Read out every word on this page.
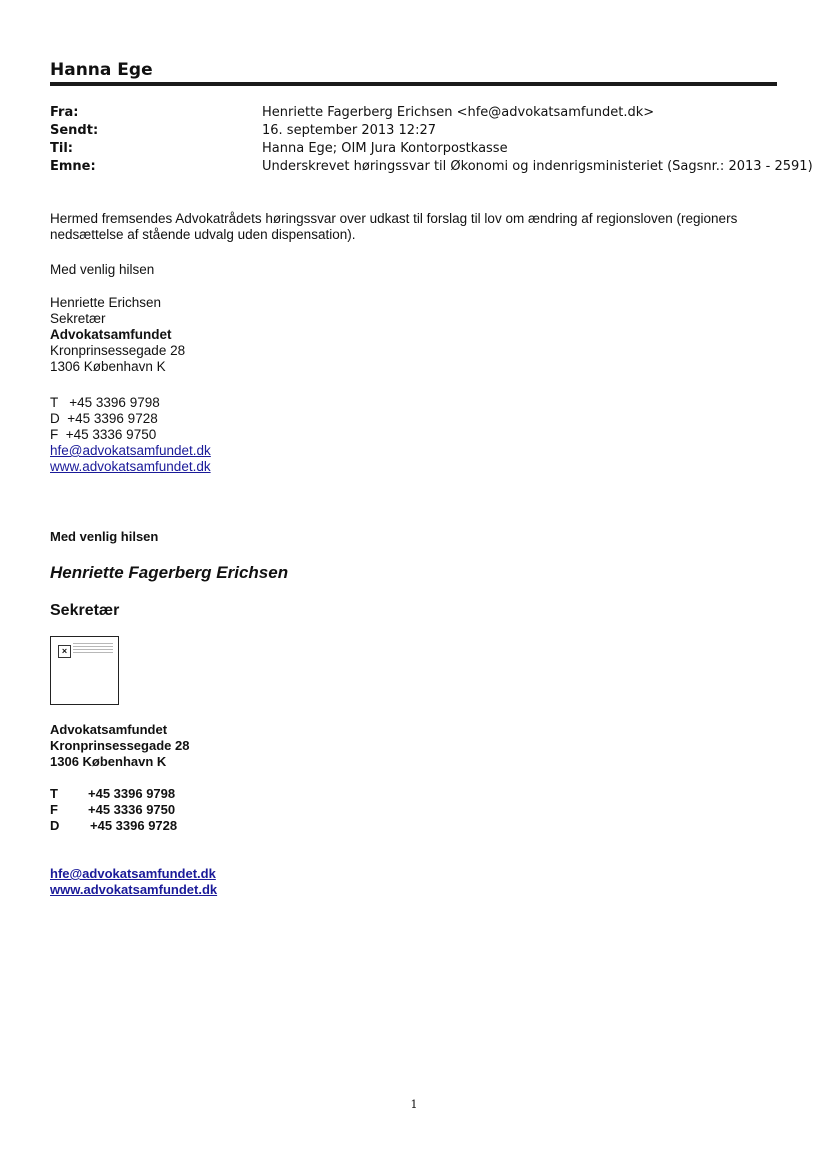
Hanna Ege
Fra:	Henriette Fagerberg Erichsen <hfe@advokatsamfundet.dk>
Sendt:	16. september 2013 12:27
Til:	Hanna Ege; OIM Jura Kontorpostkasse
Emne:	Underskrevet høringssvar til Økonomi og indenrigsministeriet (Sagsnr.: 2013 - 2591)
Hermed fremsendes Advokatrådets høringssvar over udkast til forslag til lov om ændring af regionsloven (regioners
nedsættelse af stående udvalg uden dispensation).
Med venlig hilsen
Henriette Erichsen
Sekretær
Advokatsamfundet
Kronprinsessegade 28
1306 København K
T   +45 3396 9798
D  +45 3396 9728
F  +45 3336 9750
hfe@advokatsamfundet.dk
www.advokatsamfundet.dk
Med venlig hilsen
Henriette Fagerberg Erichsen
Sekretær
×
Advokatsamfundet
Kronprinsessegade 28
1306 København K
T +45 3396 9798
F +45 3336 9750
D +45 3396 9728
hfe@advokatsamfundet.dk
www.advokatsamfundet.dk
1
